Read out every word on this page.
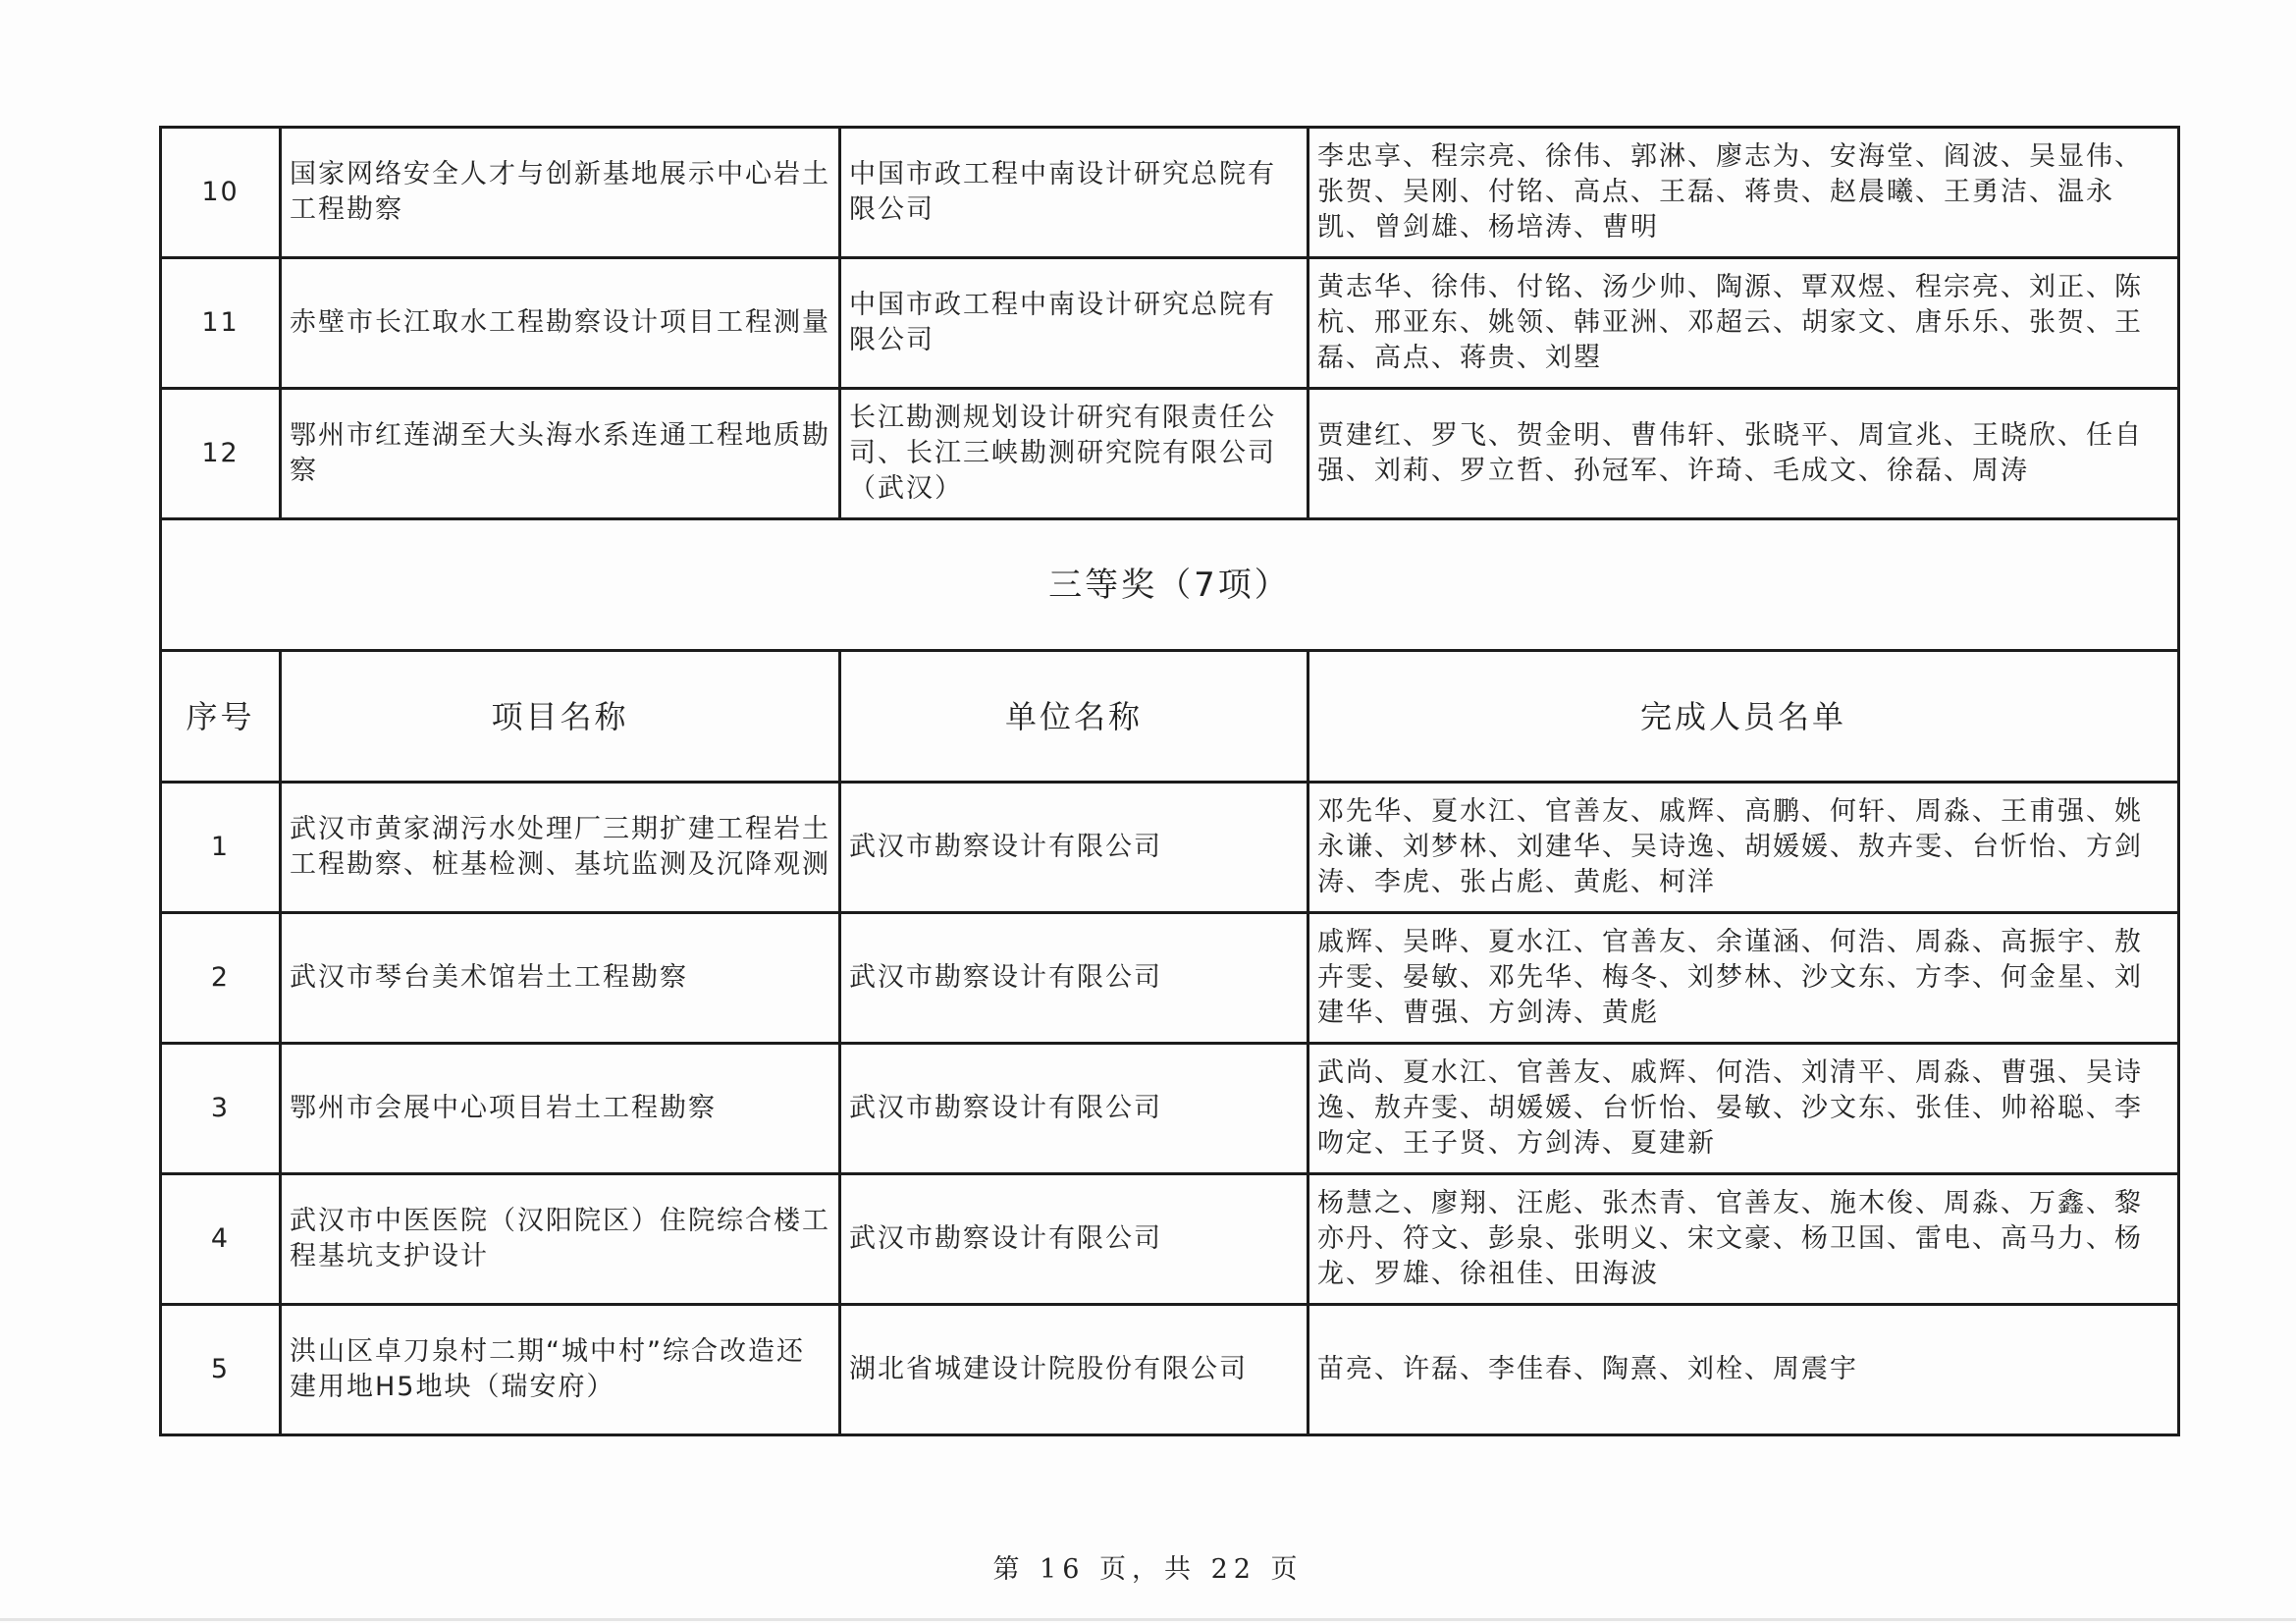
10	国家网络安全人才与创新基地展示中心岩土工程勘察	中国市政工程中南设计研究总院有限公司	李忠享、程宗亮、徐伟、郭淋、廖志为、安海堂、阎波、吴显伟、张贺、吴刚、付铭、高点、王磊、蒋贵、赵晨曦、王勇洁、温永凯、曾剑雄、杨培涛、曹明
11	赤壁市长江取水工程勘察设计项目工程测量	中国市政工程中南设计研究总院有限公司	黄志华、徐伟、付铭、汤少帅、陶源、覃双煜、程宗亮、刘正、陈杭、邢亚东、姚领、韩亚洲、邓超云、胡家文、唐乐乐、张贺、王磊、高点、蒋贵、刘曌
12	鄂州市红莲湖至大头海水系连通工程地质勘察	长江勘测规划设计研究有限责任公司、长江三峡勘测研究院有限公司（武汉）	贾建红、罗飞、贺金明、曹伟轩、张晓平、周宣兆、王晓欣、任自强、刘莉、罗立哲、孙冠军、许琦、毛成文、徐磊、周涛
三等奖（7项）			
序号	项目名称	单位名称	完成人员名单
1	武汉市黄家湖污水处理厂三期扩建工程岩土工程勘察、桩基检测、基坑监测及沉降观测	武汉市勘察设计有限公司	邓先华、夏水江、官善友、戚辉、高鹏、何轩、周淼、王甫强、姚永谦、刘梦林、刘建华、吴诗逸、胡媛媛、敖卉雯、台忻怡、方剑涛、李虎、张占彪、黄彪、柯洋
2	武汉市琴台美术馆岩土工程勘察	武汉市勘察设计有限公司	戚辉、吴晔、夏水江、官善友、余谨涵、何浩、周淼、高振宇、敖卉雯、晏敏、邓先华、梅冬、刘梦林、沙文东、方李、何金星、刘建华、曹强、方剑涛、黄彪
3	鄂州市会展中心项目岩土工程勘察	武汉市勘察设计有限公司	武尚、夏水江、官善友、戚辉、何浩、刘清平、周淼、曹强、吴诗逸、敖卉雯、胡媛媛、台忻怡、晏敏、沙文东、张佳、帅裕聪、李吻定、王子贤、方剑涛、夏建新
4	武汉市中医医院（汉阳院区）住院综合楼工程基坑支护设计	武汉市勘察设计有限公司	杨慧之、廖翔、汪彪、张杰青、官善友、施木俊、周淼、万鑫、黎亦丹、符文、彭泉、张明义、宋文豪、杨卫国、雷电、高马力、杨龙、罗雄、徐祖佳、田海波
5	洪山区卓刀泉村二期“城中村”综合改造还建用地H5地块（瑞安府）	湖北省城建设计院股份有限公司	苗亮、许磊、李佳春、陶熹、刘栓、周震宇
第 16 页，共 22 页
